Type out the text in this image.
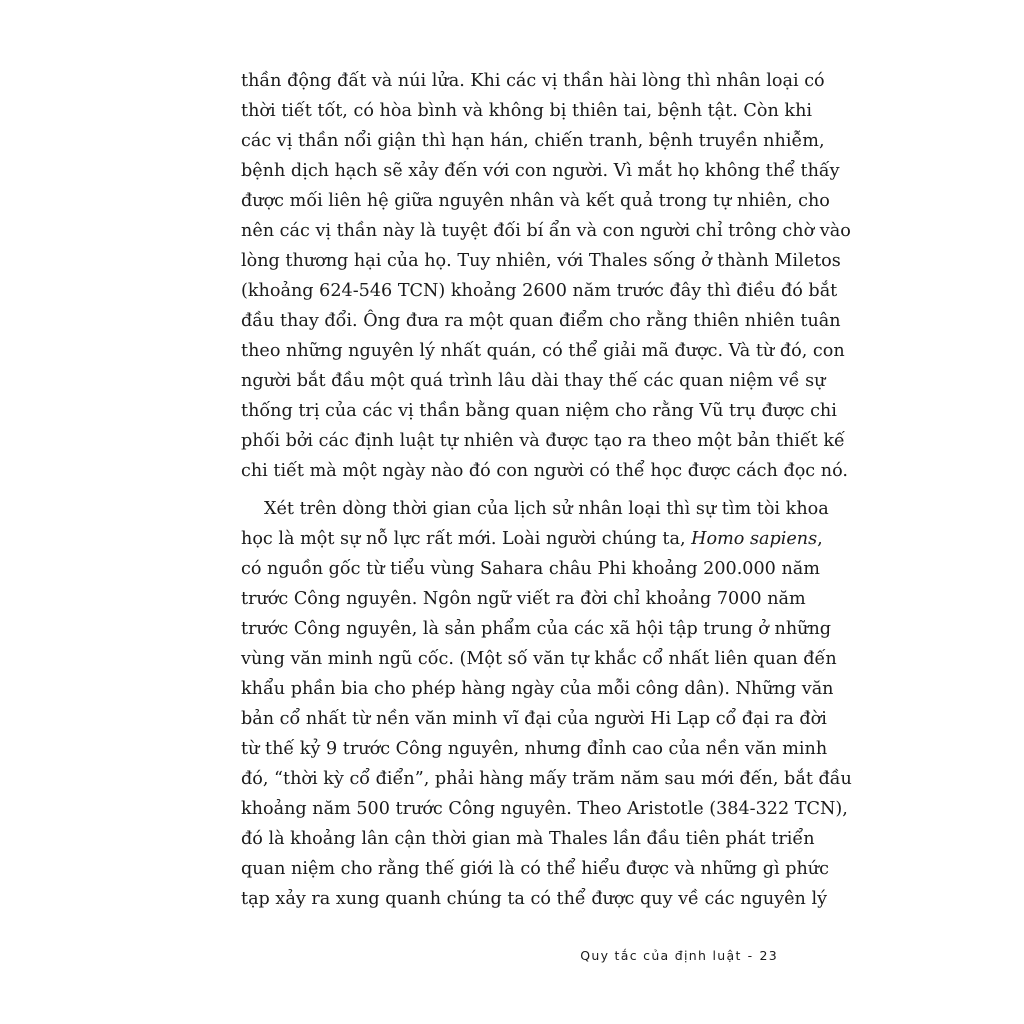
thần động đất và núi lửa. Khi các vị thần hài lòng thì nhân loại có
thời tiết tốt, có hòa bình và không bị thiên tai, bệnh tật. Còn khi
các vị thần nổi giận thì hạn hán, chiến tranh, bệnh truyền nhiễm,
bệnh dịch hạch sẽ xảy đến với con người. Vì mắt họ không thể thấy
được mối liên hệ giữa nguyên nhân và kết quả trong tự nhiên, cho
nên các vị thần này là tuyệt đối bí ẩn và con người chỉ trông chờ vào
lòng thương hại của họ. Tuy nhiên, với Thales sống ở thành Miletos
(khoảng 624-546 TCN) khoảng 2600 năm trước đây thì điều đó bắt
đầu thay đổi. Ông đưa ra một quan điểm cho rằng thiên nhiên tuân
theo những nguyên lý nhất quán, có thể giải mã được. Và từ đó, con
người bắt đầu một quá trình lâu dài thay thế các quan niệm về sự
thống trị của các vị thần bằng quan niệm cho rằng Vũ trụ được chi
phối bởi các định luật tự nhiên và được tạo ra theo một bản thiết kế
chi tiết mà một ngày nào đó con người có thể học được cách đọc nó.
Xét trên dòng thời gian của lịch sử nhân loại thì sự tìm tòi khoa
học là một sự nỗ lực rất mới. Loài người chúng ta, Homo sapiens,
có nguồn gốc từ tiểu vùng Sahara châu Phi khoảng 200.000 năm
trước Công nguyên. Ngôn ngữ viết ra đời chỉ khoảng 7000 năm
trước Công nguyên, là sản phẩm của các xã hội tập trung ở những
vùng văn minh ngũ cốc. (Một số văn tự khắc cổ nhất liên quan đến
khẩu phần bia cho phép hàng ngày của mỗi công dân). Những văn
bản cổ nhất từ nền văn minh vĩ đại của người Hi Lạp cổ đại ra đời
từ thế kỷ 9 trước Công nguyên, nhưng đỉnh cao của nền văn minh
đó, “thời kỳ cổ điển”, phải hàng mấy trăm năm sau mới đến, bắt đầu
khoảng năm 500 trước Công nguyên. Theo Aristotle (384-322 TCN),
đó là khoảng lân cận thời gian mà Thales lần đầu tiên phát triển
quan niệm cho rằng thế giới là có thể hiểu được và những gì phức
tạp xảy ra xung quanh chúng ta có thể được quy về các nguyên lý
Quy tắc của định luật - 23
